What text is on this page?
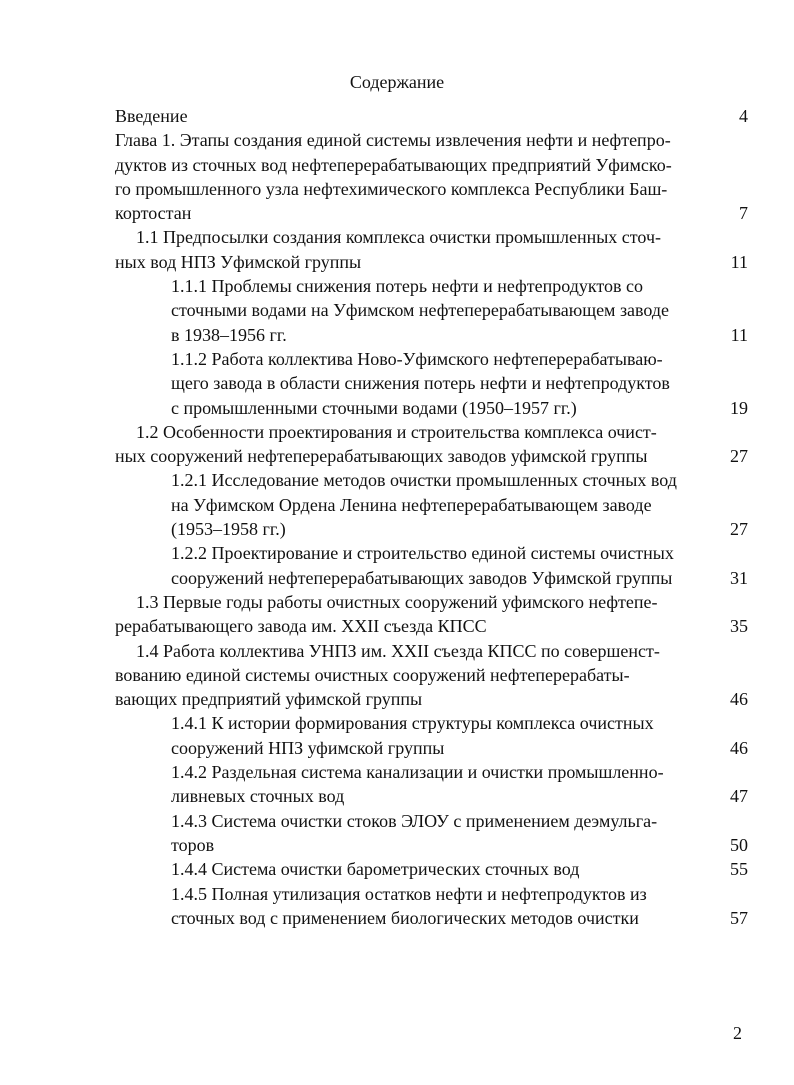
Содержание
Введение	4
Глава 1. Этапы создания единой системы извлечения нефти и нефтепро-
дуктов из сточных вод нефтеперерабатывающих предприятий Уфимско-
го промышленного узла нефтехимического комплекса Республики Баш-
кортостан	7
1.1 Предпосылки создания комплекса очистки промышленных сточ-
ных вод НПЗ Уфимской группы	11
1.1.1 Проблемы снижения потерь нефти и нефтепродуктов со
сточными водами на Уфимском нефтеперерабатывающем заводе
в 1938–1956 гг.	11
1.1.2 Работа коллектива Ново-Уфимского нефтеперерабатываю-
щего завода в области снижения потерь нефти и нефтепродуктов
с промышленными сточными водами (1950–1957 гг.)	19
1.2 Особенности проектирования и строительства комплекса очист-
ных сооружений нефтеперерабатывающих заводов уфимской группы	27
1.2.1 Исследование методов очистки промышленных сточных вод
на Уфимском Ордена Ленина нефтеперерабатывающем заводе
(1953–1958 гг.)	27
1.2.2 Проектирование и строительство единой системы очистных
сооружений нефтеперерабатывающих заводов Уфимской группы	31
1.3 Первые годы работы очистных сооружений уфимского нефтепе-
рерабатывающего завода им. XXII съезда КПСС	35
1.4 Работа коллектива УНПЗ им. XXII съезда КПСС по совершенст-
вованию единой системы очистных сооружений нефтеперерабаты-
вающих предприятий уфимской группы	46
1.4.1 К истории формирования структуры комплекса очистных
сооружений НПЗ уфимской группы	46
1.4.2 Раздельная система канализации и очистки промышленно-
ливневых сточных вод	47
1.4.3 Система очистки стоков ЭЛОУ с применением деэмульга-
торов	50
1.4.4 Система очистки барометрических сточных вод	55
1.4.5 Полная утилизация остатков нефти и нефтепродуктов из
сточных вод с применением биологических методов очистки	57
2
